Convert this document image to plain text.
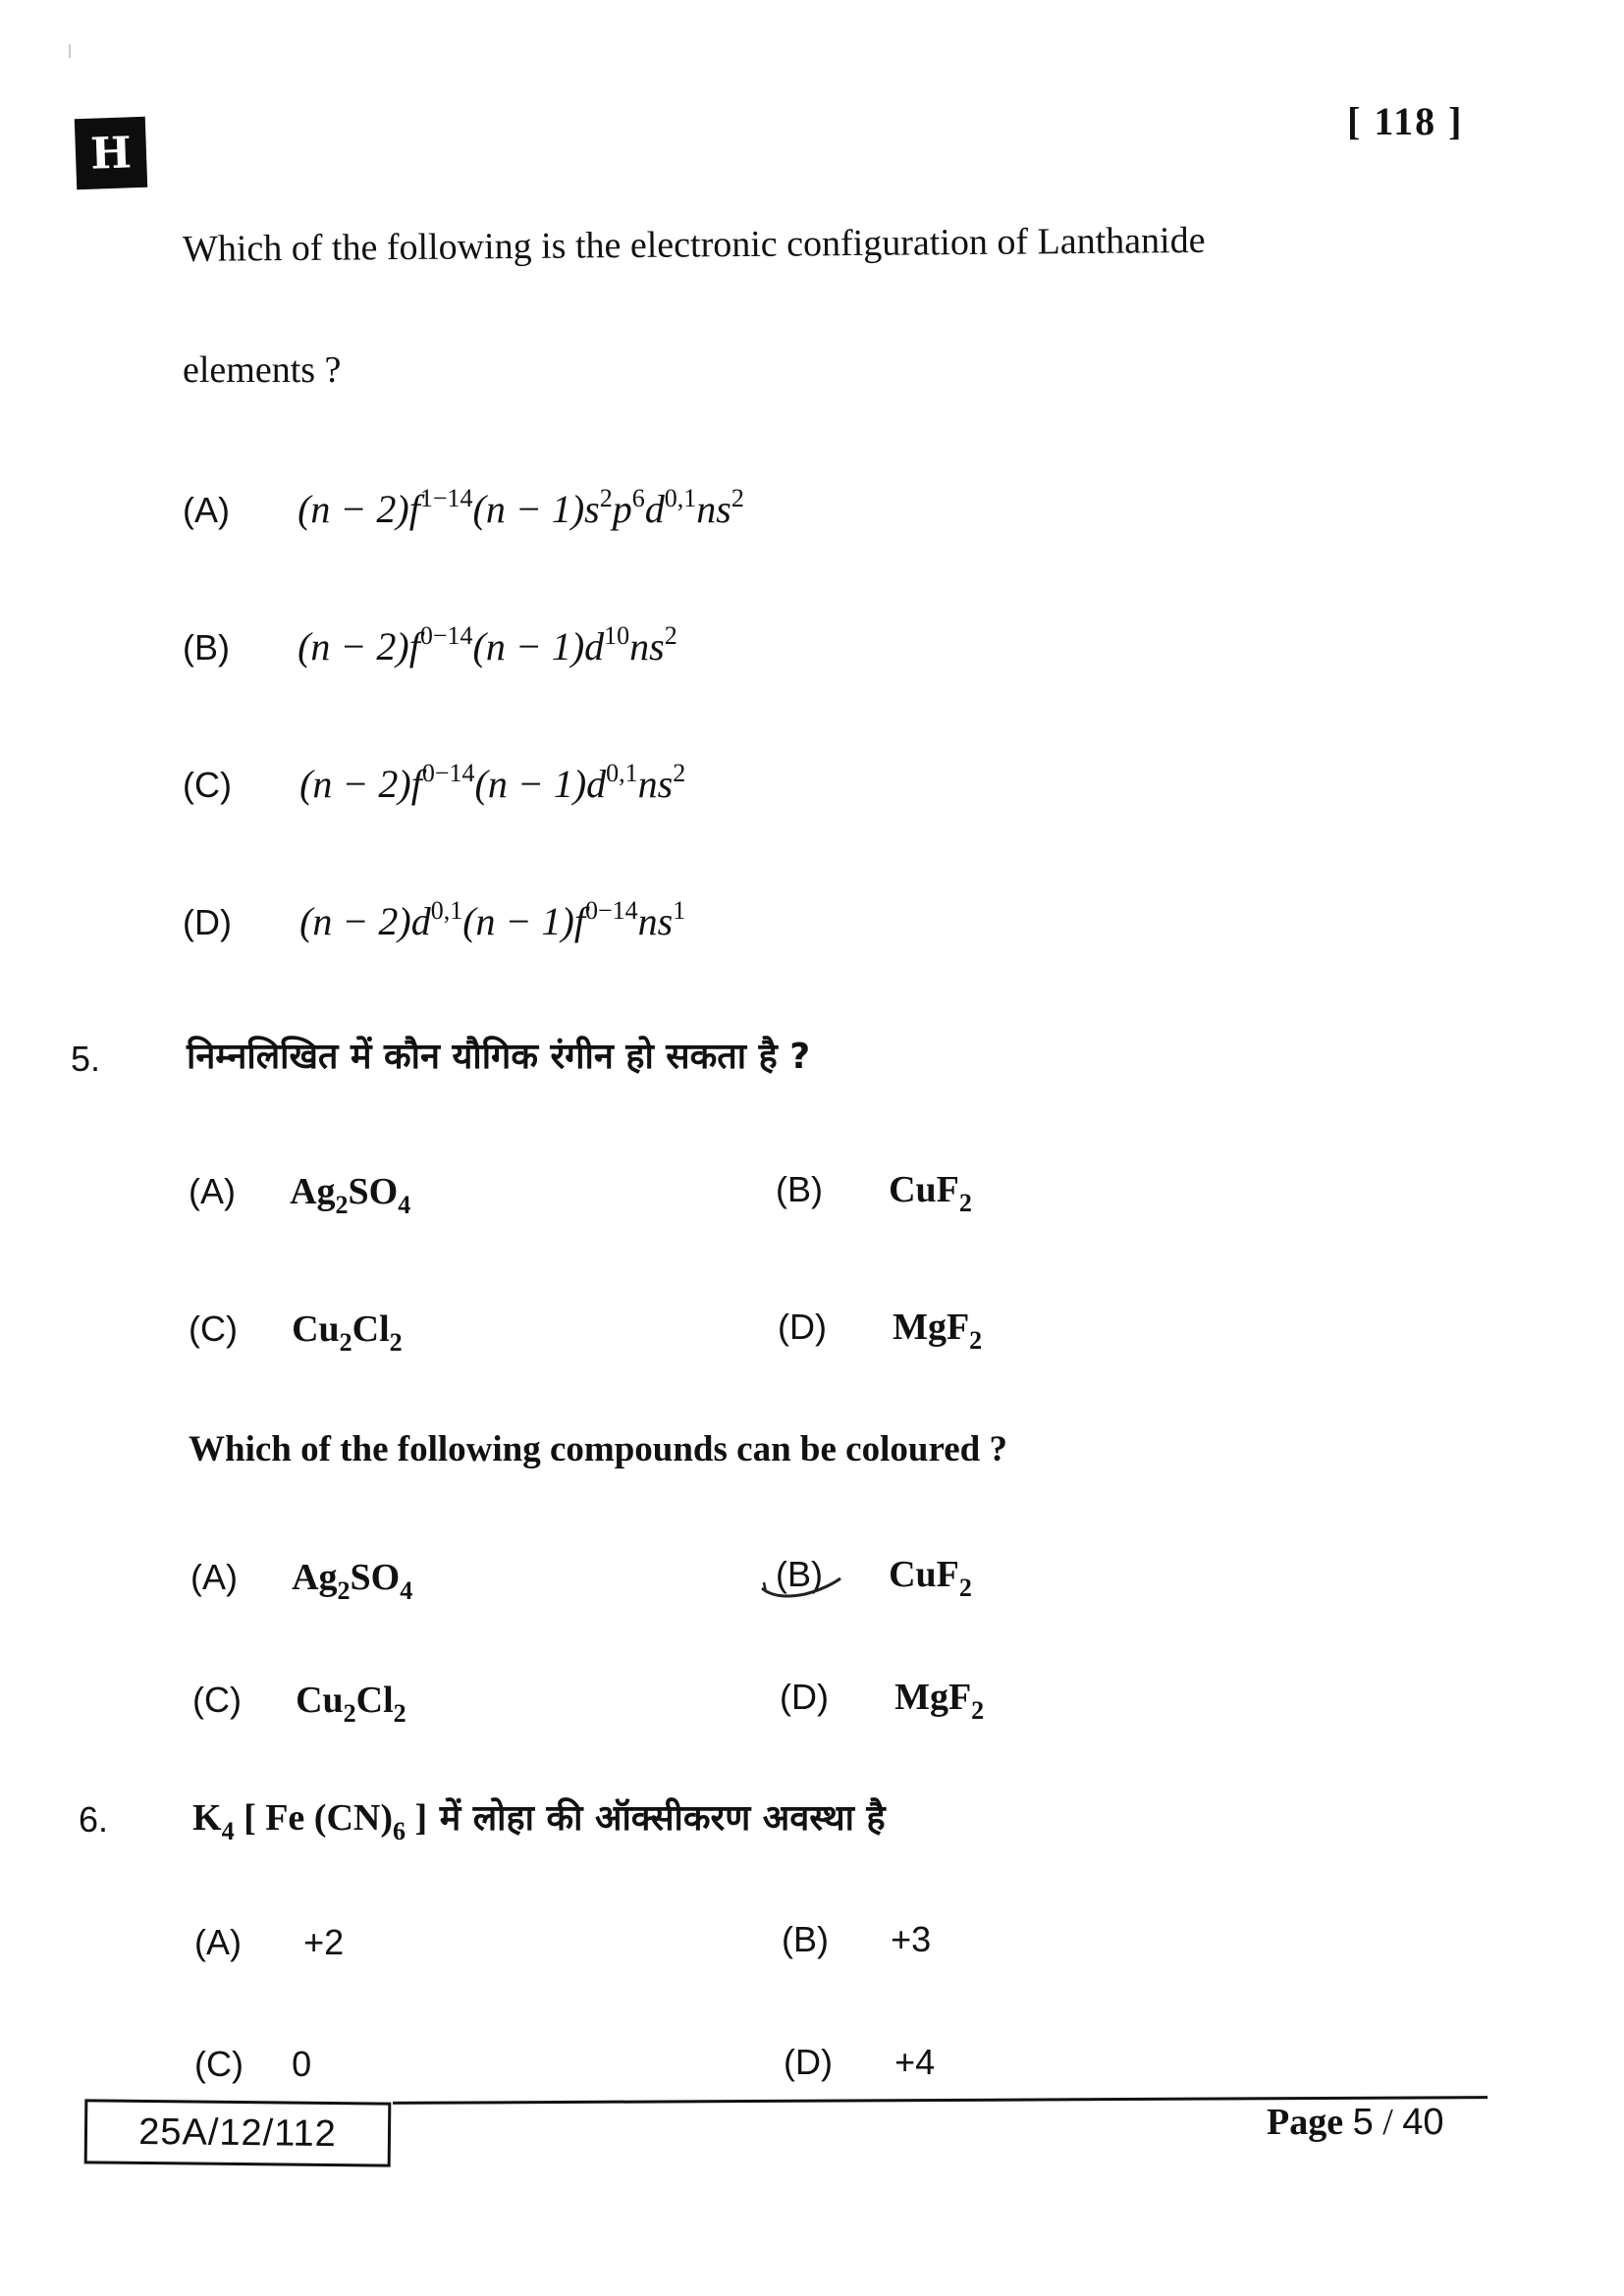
H
[ 118 ]
Which of the following is the electronic configuration of Lanthanide
elements ?
(A) $(n - 2)f^{1-14}(n - 1)s^2p^6d^{0,1}ns^2$
(B) $(n - 2)f^{0-14}(n - 1)d^{10}ns^2$
(C) $(n - 2)f^{0-14}(n - 1)d^{0,1}ns^2$
(D) $(n - 2)d^{0,1}(n - 1)f^{0-14}ns^1$
5. निम्नलिखित में कौन यौगिक रंगीन हो सकता है ?
(A) $Ag_2SO_4$	(B) CuF$_2$
(C) $Cu_2Cl_2$	(D) MgF$_2$
Which of the following compounds can be coloured ?
(A) $Ag_2SO_4$	(B) CuF$_2$
(C) $Cu_2Cl_2$	(D) MgF$_2$
6. $K_4$ [ Fe $(CN)_6$ ] में लोहा की ऑक्सीकरण अवस्था है
(A) +2	(B) +3
(C) 0	(D) +4
25A/12/112	Page 5 / 40
